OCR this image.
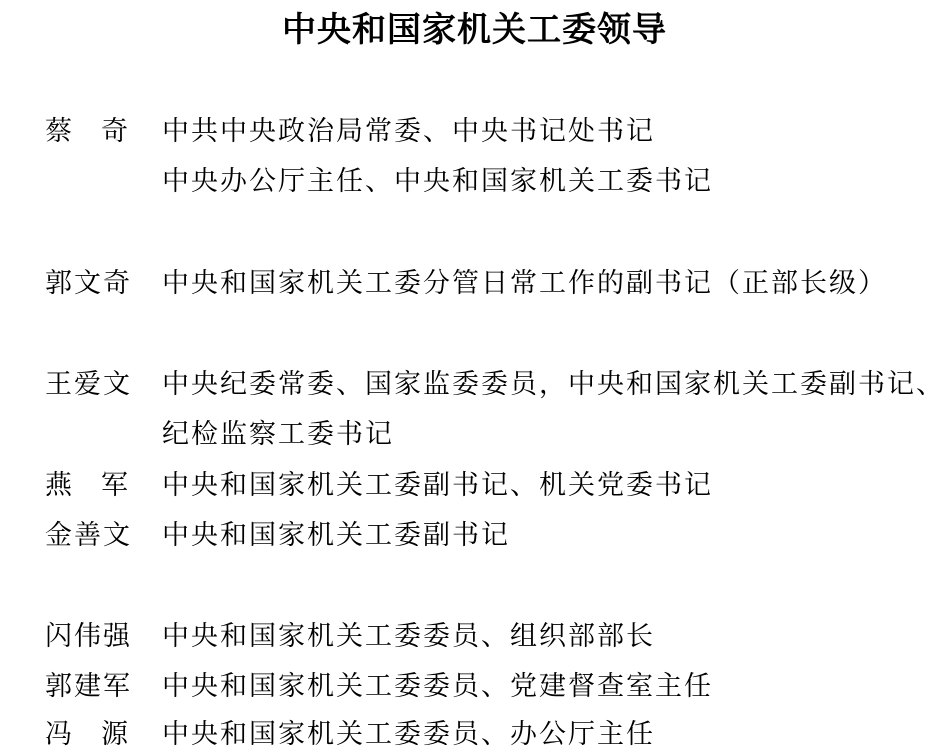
中央和国家机关工委领导
蔡奇 中共中央政治局常委、中央书记处书记
中央办公厅主任、中央和国家机关工委书记
郭文奇	中央和国家机关工委分管日常工作的副书记（正部长级）
王爱文	中央纪委常委、国家监委委员，中央和国家机关工委副书记、
纪检监察工委书记
燕军 中央和国家机关工委副书记、机关党委书记
金善文	中央和国家机关工委副书记
闪伟强	中央和国家机关工委委员、组织部部长
郭建军	中央和国家机关工委委员、党建督查室主任
冯源 中央和国家机关工委委员、办公厅主任
